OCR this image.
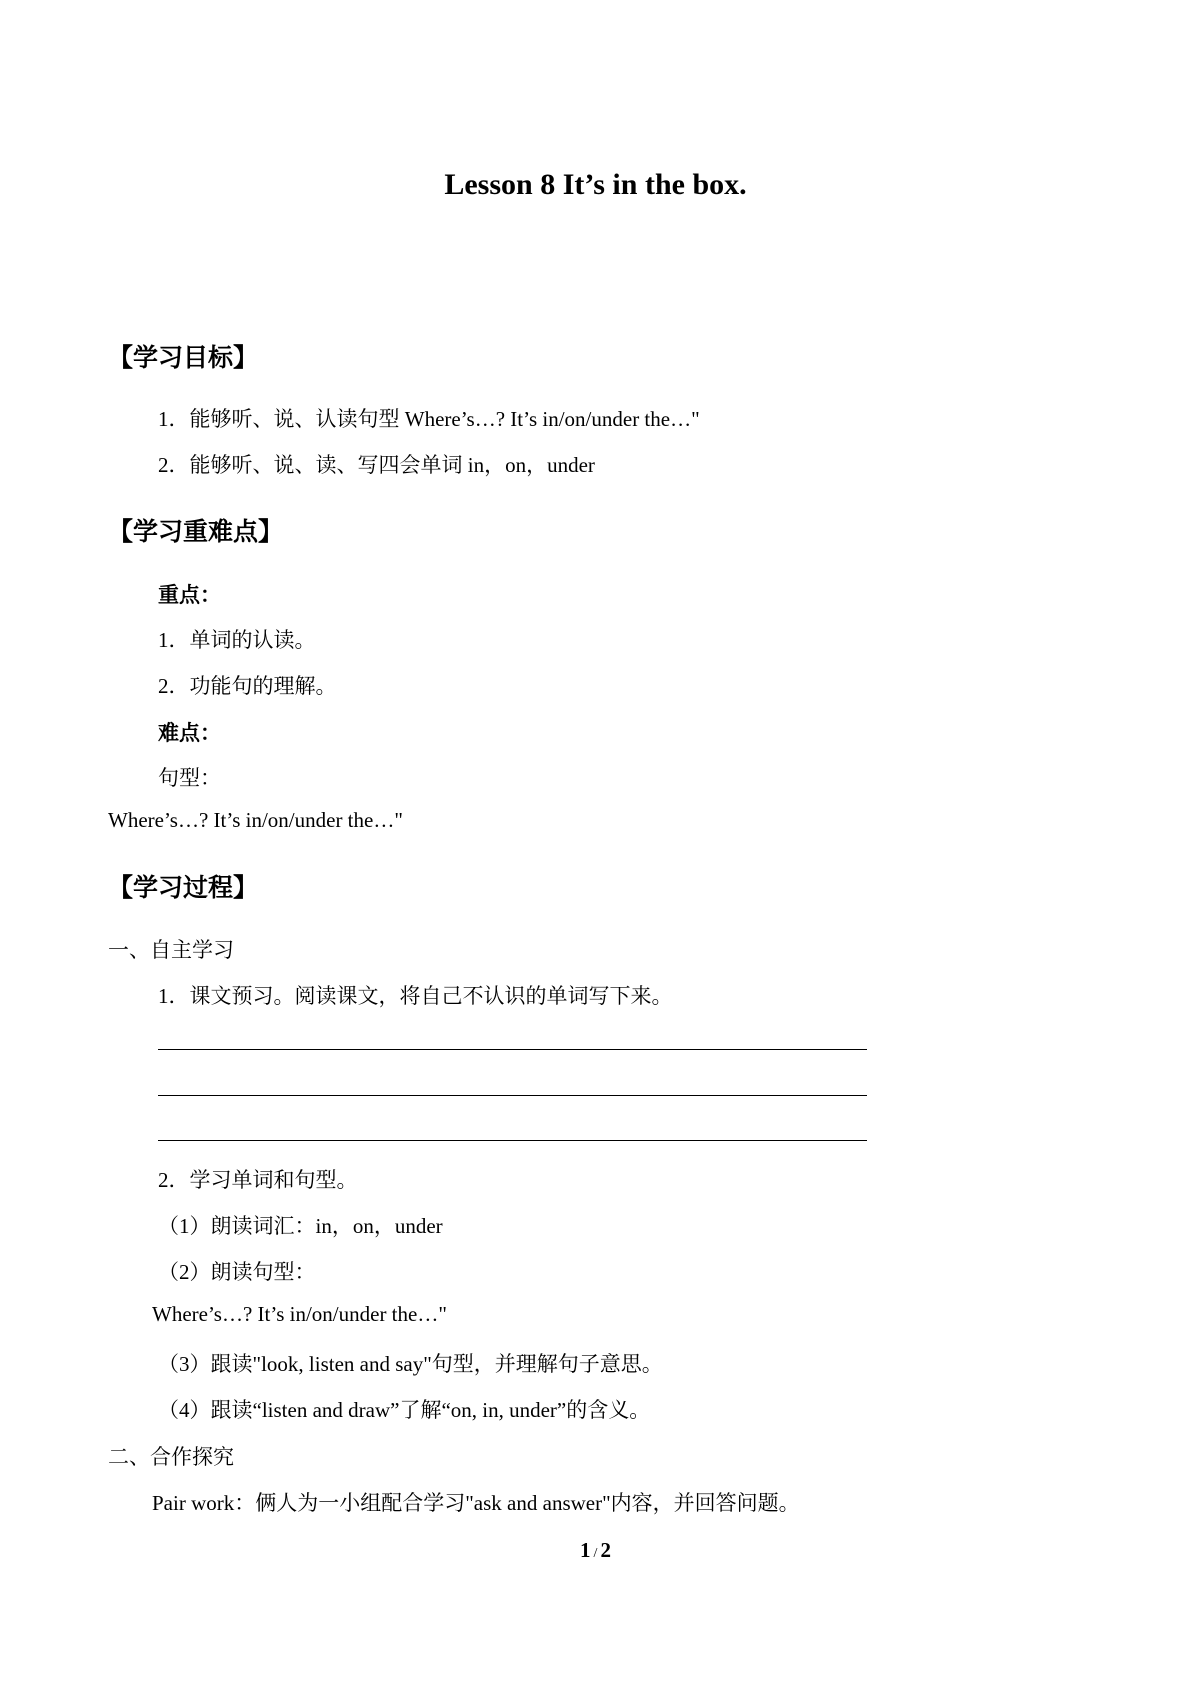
Lesson 8 It’s in the box.
【学习目标】
1．能够听、说、认读句型 Where’s…? It’s in/on/under the…"
2．能够听、说、读、写四会单词 in，on，under
【学习重难点】
重点：
1．单词的认读。
2．功能句的理解。
难点：
句型：
Where’s…? It’s in/on/under the…"
【学习过程】
一、自主学习
1．课文预习。阅读课文，将自己不认识的单词写下来。
2．学习单词和句型。
（1）朗读词汇：in，on，under
（2）朗读句型：
Where’s…? It’s in/on/under the…"
（3）跟读"look, listen and say"句型，并理解句子意思。
（4）跟读“listen and draw”了解“on, in, under”的含义。
二、合作探究
Pair work：俩人为一小组配合学习"ask and answer"内容，并回答问题。
1 / 2
